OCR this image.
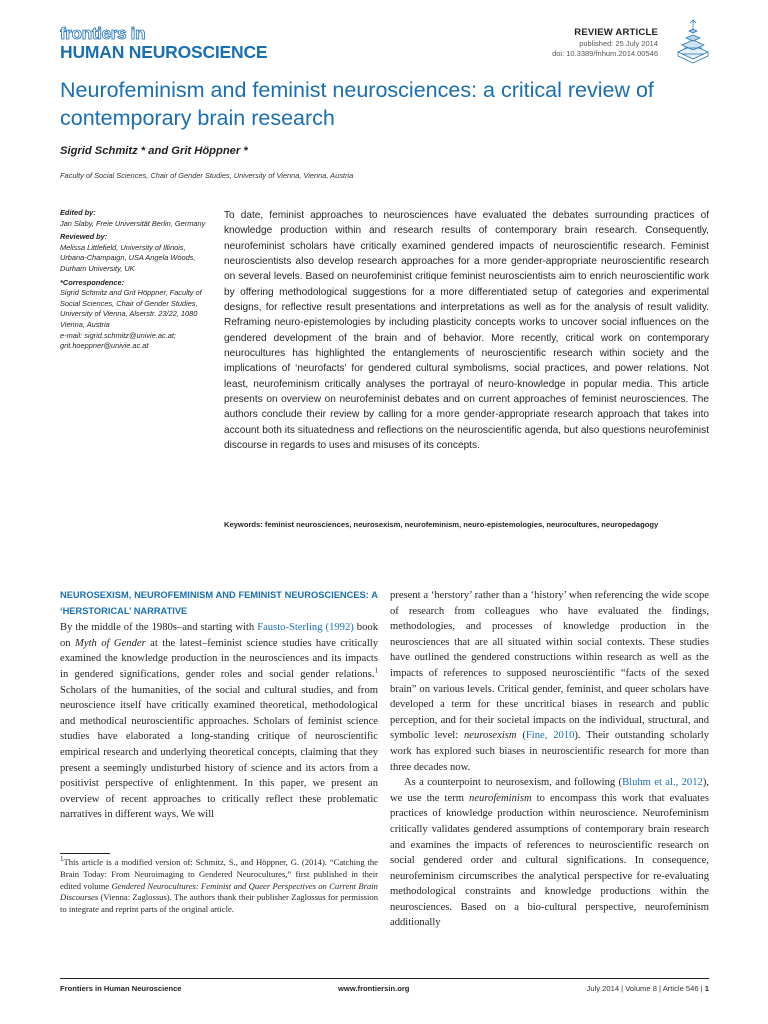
frontiers in
HUMAN NEUROSCIENCE
REVIEW ARTICLE
published: 25 July 2014
doi: 10.3389/fnhum.2014.00546
Neurofeminism and feminist neurosciences: a critical review of contemporary brain research
Sigrid Schmitz * and Grit Höppner *
Faculty of Social Sciences, Chair of Gender Studies, University of Vienna, Vienna, Austria
Edited by:
Jan Slaby, Freie Universität Berlin, Germany
Reviewed by:
Melissa Littlefield, University of Illinois, Urbana-Champaign, USA Angela Woods, Durham University, UK
*Correspondence:
Sigrid Schmitz and Grit Höppner, Faculty of Social Sciences, Chair of Gender Studies, University of Vienna, Alserstr. 23/22, 1080 Vienna, Austria
e-mail: sigrid.schmitz@univie.ac.at; grit.hoeppner@univie.ac.at
To date, feminist approaches to neurosciences have evaluated the debates surrounding practices of knowledge production within and research results of contemporary brain research. Consequently, neurofeminist scholars have critically examined gendered impacts of neuroscientific research. Feminist neuroscientists also develop research approaches for a more gender-appropriate neuroscientific research on several levels. Based on neurofeminist critique feminist neuroscientists aim to enrich neuroscientific work by offering methodological suggestions for a more differentiated setup of categories and experimental designs, for reflective result presentations and interpretations as well as for the analysis of result validity. Reframing neuro-epistemologies by including plasticity concepts works to uncover social influences on the gendered development of the brain and of behavior. More recently, critical work on contemporary neurocultures has highlighted the entanglements of neuroscientific research within society and the implications of ‘neurofacts’ for gendered cultural symbolisms, social practices, and power relations. Not least, neurofeminism critically analyses the portrayal of neuro-knowledge in popular media. This article presents on overview on neurofeminist debates and on current approaches of feminist neurosciences. The authors conclude their review by calling for a more gender-appropriate research approach that takes into account both its situatedness and reflections on the neuroscientific agenda, but also questions neurofeminist discourse in regards to uses and misuses of its concepts.
Keywords: feminist neurosciences, neurosexism, neurofeminism, neuro-epistemologies, neurocultures, neuropedagogy
NEUROSEXISM, NEUROFEMINISM AND FEMINIST NEUROSCIENCES: A ‘HERSTORICAL’ NARRATIVE

By the middle of the 1980s–and starting with Fausto-Sterling (1992) book on Myth of Gender at the latest–feminist science studies have critically examined the knowledge production in the neurosciences and its impacts in gendered significations, gender roles and social gender relations.$^1$ Scholars of the humanities, of the social and cultural studies, and from neuroscience itself have critically examined theoretical, methodological and methodical neuroscientific approaches. Scholars of feminist science studies have elaborated a long-standing critique of neuroscientific empirical research and underlying theoretical concepts, claiming that they present a seemingly undisturbed history of science and its actors from a positivist perspective of enlightenment. In this paper, we present an overview of recent approaches to critically reflect these problematic narratives in different ways. We will

$^1$This article is a modified version of: Schmitz, S., and Höppner, G. (2014). “Catching the Brain Today: From Neuroimaging to Gendered Neurocultures,” first published in their edited volume Gendered Neurocultures: Feminist and Queer Perspectives on Current Brain Discourses (Vienna: Zaglossus). The authors thank their publisher Zaglossus for permission to integrate and reprint parts of the original article.

present a ‘herstory’ rather than a ‘history’ when referencing the wide scope of research from colleagues who have evaluated the findings, methodologies, and processes of knowledge production in the neurosciences that are all situated within social contexts. These studies have outlined the gendered constructions within research as well as the impacts of references to supposed neuroscientific “facts of the sexed brain” on various levels. Critical gender, feminist, and queer scholars have developed a term for these uncritical biases in research and public perception, and for their societal impacts on the individual, structural, and symbolic level: neurosexism (Fine, 2010). Their outstanding scholarly work has explored such biases in neuroscientific research for more than three decades now.

As a counterpoint to neurosexism, and following (Bluhm et al., 2012), we use the term neurofeminism to encompass this work that evaluates practices of knowledge production within neuroscience. Neurofeminism critically validates gendered assumptions of contemporary brain research and examines the impacts of references to neuroscientific research on social gendered order and cultural significations. In consequence, neurofeminism circumscribes the analytical perspective for re-evaluating methodological constraints and knowledge productions within the neurosciences. Based on a bio-cultural perspective, neurofeminism additionally

Frontiers in Human Neuroscience	www.frontiersin.org	July 2014 | Volume 8 | Article 546 | 1
